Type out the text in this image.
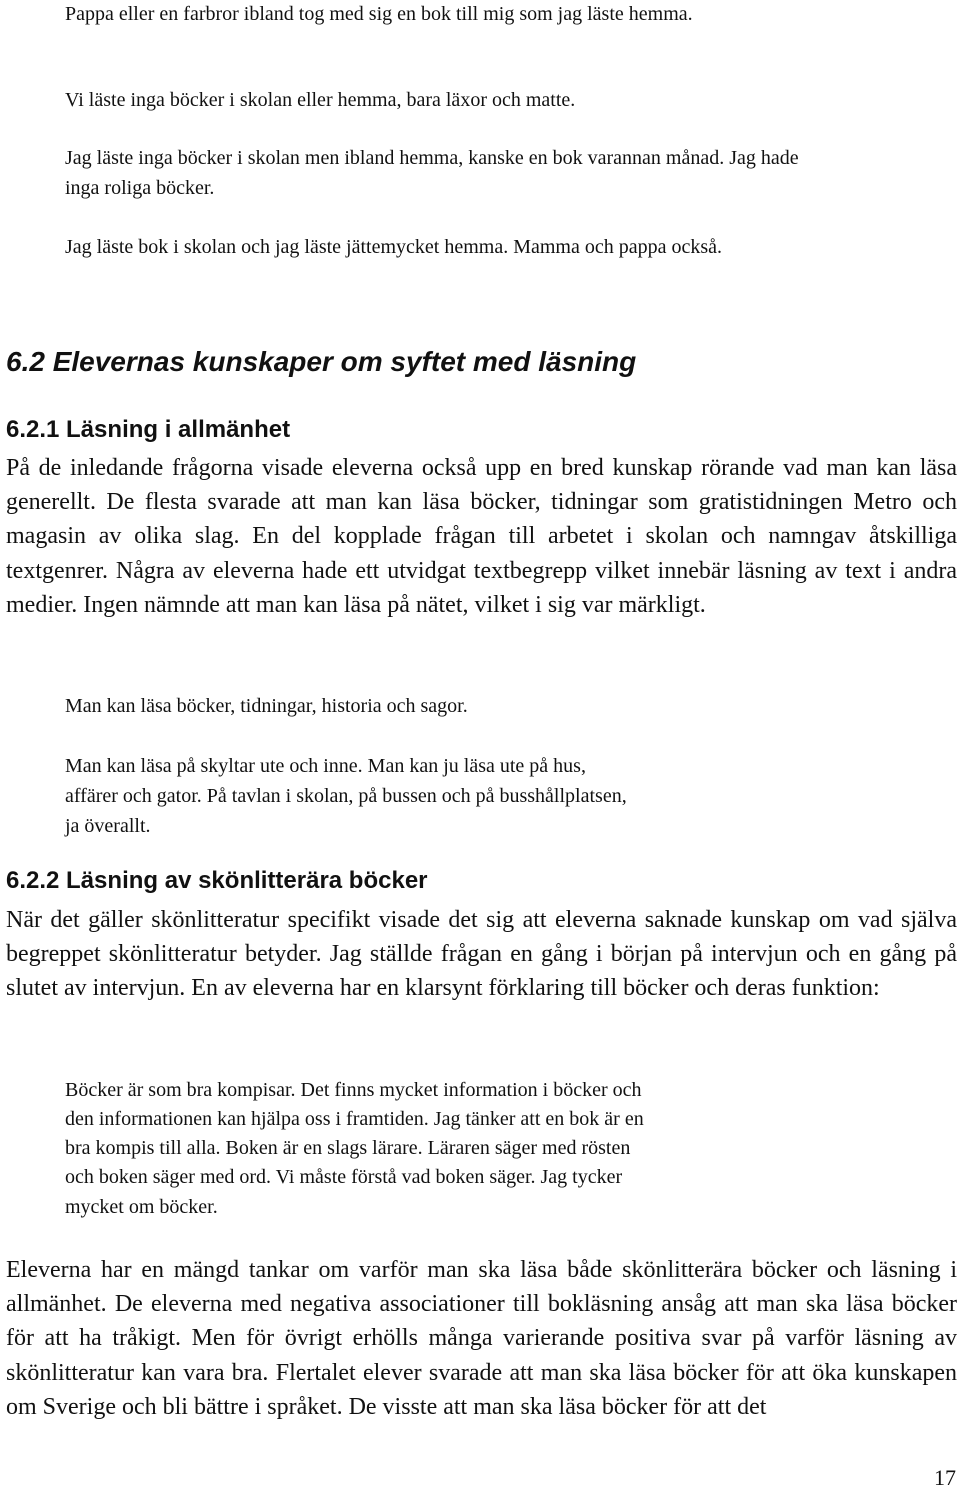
Pappa eller en farbror ibland tog med sig en bok till mig som jag läste hemma.
Vi läste inga böcker i skolan eller hemma, bara läxor och matte.
Jag läste inga böcker i skolan men ibland hemma, kanske en bok varannan månad. Jag hade inga roliga böcker.
Jag läste bok i skolan och jag läste jättemycket hemma. Mamma och pappa också.
6.2 Elevernas kunskaper om syftet med läsning
6.2.1 Läsning i allmänhet

På de inledande frågorna visade eleverna också upp en bred kunskap rörande vad man kan läsa generellt. De flesta svarade att man kan läsa böcker, tidningar som gratistidningen Metro och magasin av olika slag. En del kopplade frågan till arbetet i skolan och namngav åtskilliga textgenrer. Några av eleverna hade ett utvidgat textbegrepp vilket innebär läsning av text i andra medier. Ingen nämnde att man kan läsa på nätet, vilket i sig var märkligt.

Man kan läsa böcker, tidningar, historia och sagor.
Man kan läsa på skyltar ute och inne. Man kan ju läsa ute på hus,
affärer och gator. På tavlan i skolan, på bussen och på busshållplatsen,
ja överallt.
6.2.2 Läsning av skönlitterära böcker

När det gäller skönlitteratur specifikt visade det sig att eleverna saknade kunskap om vad själva begreppet skönlitteratur betyder. Jag ställde frågan en gång i början på intervjun och en gång på slutet av intervjun. En av eleverna har en klarsynt förklaring till böcker och deras funktion:

Böcker är som bra kompisar. Det finns mycket information i böcker och
den informationen kan hjälpa oss i framtiden. Jag tänker att en bok är en
bra kompis till alla. Boken är en slags lärare. Läraren säger med rösten
och boken säger med ord. Vi måste förstå vad boken säger. Jag tycker
mycket om böcker.

Eleverna har en mängd tankar om varför man ska läsa både skönlitterära böcker och läsning i allmänhet. De eleverna med negativa associationer till bokläsning ansåg att man ska läsa böcker för att ha tråkigt. Men för övrigt erhölls många varierande positiva svar på varför läsning av skönlitteratur kan vara bra. Flertalet elever svarade att man ska läsa böcker för att öka kunskapen om Sverige och bli bättre i språket. De visste att man ska läsa böcker för att det

17
